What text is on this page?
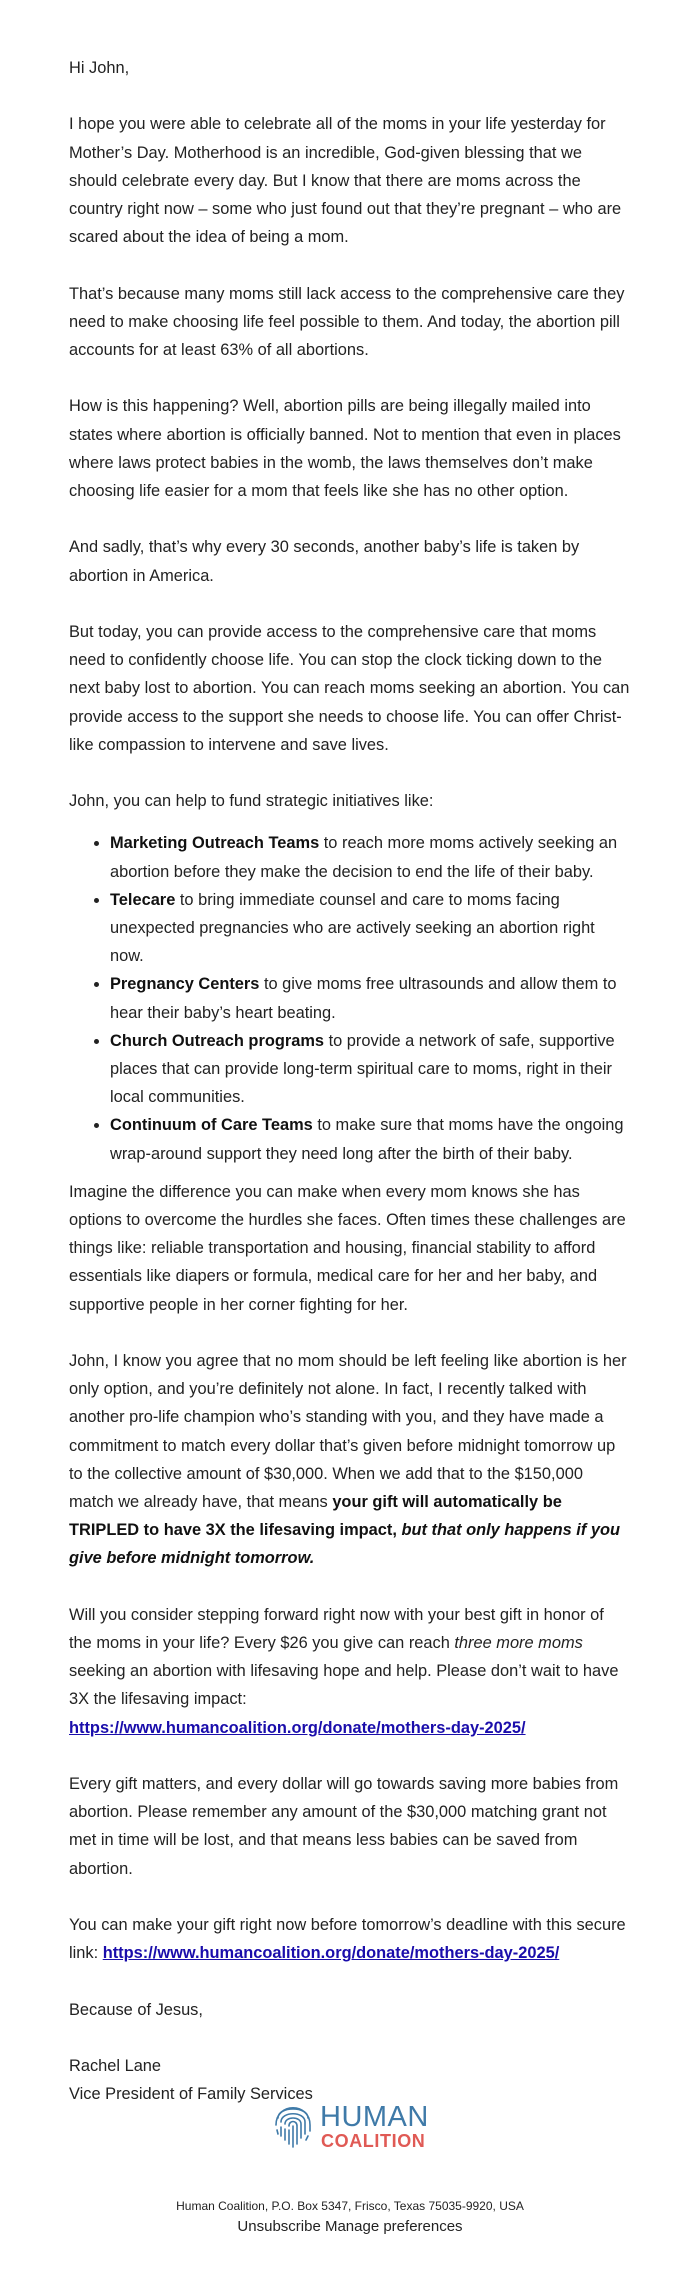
Hi John,

I hope you were able to celebrate all of the moms in your life yesterday for Mother’s Day. Motherhood is an incredible, God-given blessing that we should celebrate every day. But I know that there are moms across the country right now – some who just found out that they’re pregnant – who are scared about the idea of being a mom.

That’s because many moms still lack access to the comprehensive care they need to make choosing life feel possible to them. And today, the abortion pill accounts for at least 63% of all abortions.

How is this happening? Well, abortion pills are being illegally mailed into states where abortion is officially banned. Not to mention that even in places where laws protect babies in the womb, the laws themselves don’t make choosing life easier for a mom that feels like she has no other option.

And sadly, that’s why every 30 seconds, another baby’s life is taken by abortion in America.

But today, you can provide access to the comprehensive care that moms need to confidently choose life. You can stop the clock ticking down to the next baby lost to abortion. You can reach moms seeking an abortion. You can provide access to the support she needs to choose life. You can offer Christ-like compassion to intervene and save lives.

John, you can help to fund strategic initiatives like:

• Marketing Outreach Teams to reach more moms actively seeking an abortion before they make the decision to end the life of their baby.
• Telecare to bring immediate counsel and care to moms facing unexpected pregnancies who are actively seeking an abortion right now.
• Pregnancy Centers to give moms free ultrasounds and allow them to hear their baby’s heart beating.
• Church Outreach programs to provide a network of safe, supportive places that can provide long-term spiritual care to moms, right in their local communities.
• Continuum of Care Teams to make sure that moms have the ongoing wrap-around support they need long after the birth of their baby.

Imagine the difference you can make when every mom knows she has options to overcome the hurdles she faces. Often times these challenges are things like: reliable transportation and housing, financial stability to afford essentials like diapers or formula, medical care for her and her baby, and supportive people in her corner fighting for her.

John, I know you agree that no mom should be left feeling like abortion is her only option, and you’re definitely not alone. In fact, I recently talked with another pro-life champion who’s standing with you, and they have made a commitment to match every dollar that’s given before midnight tomorrow up to the collective amount of $30,000. When we add that to the $150,000 match we already have, that means your gift will automatically be TRIPLED to have 3X the lifesaving impact, but that only happens if you give before midnight tomorrow.

Will you consider stepping forward right now with your best gift in honor of the moms in your life? Every $26 you give can reach three more moms seeking an abortion with lifesaving hope and help. Please don’t wait to have 3X the lifesaving impact: https://www.humancoalition.org/donate/mothers-day-2025/

Every gift matters, and every dollar will go towards saving more babies from abortion. Please remember any amount of the $30,000 matching grant not met in time will be lost, and that means less babies can be saved from abortion.

You can make your gift right now before tomorrow’s deadline with this secure link: https://www.humancoalition.org/donate/mothers-day-2025/

Because of Jesus,

Rachel Lane
Vice President of Family Services
HUMAN
COALITION
Human Coalition, P.O. Box 5347, Frisco, Texas 75035-9920, USA
Unsubscribe Manage preferences
